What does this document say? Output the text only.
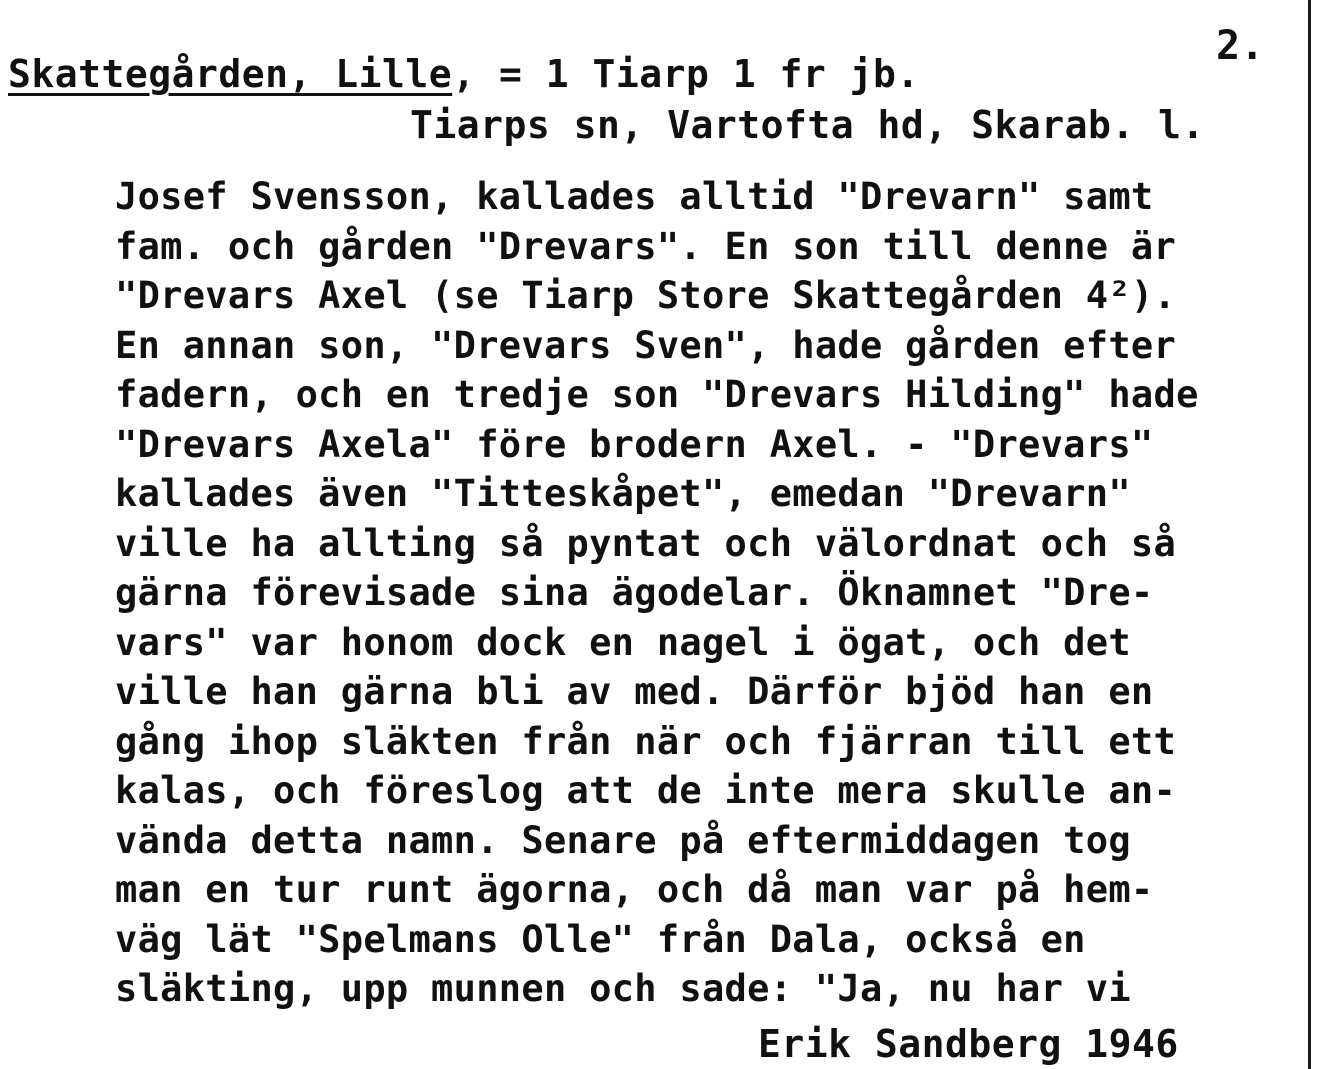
2.
Skattegården, Lille, = 1 Tiarp 1 fr jb.
Tiarps sn, Vartofta hd, Skarab. l.
Josef Svensson, kallades alltid "Drevarn" samt
fam. och gården "Drevars". En son till denne är
"Drevars Axel (se Tiarp Store Skattegården 4²).
En annan son, "Drevars Sven", hade gården efter
fadern, och en tredje son "Drevars Hilding" hade
"Drevars Axela" före brodern Axel. - "Drevars"
kallades även "Titteskåpet", emedan "Drevarn"
ville ha allting så pyntat och välordnat och så
gärna förevisade sina ägodelar. Öknamnet "Dre-
vars" var honom dock en nagel i ögat, och det
ville han gärna bli av med. Därför bjöd han en
gång ihop släkten från när och fjärran till ett
kalas, och föreslog att de inte mera skulle an-
vända detta namn. Senare på eftermiddagen tog
man en tur runt ägorna, och då man var på hem-
väg lät "Spelmans Olle" från Dala, också en
släkting, upp munnen och sade: "Ja, nu har vi
Erik Sandberg 1946
